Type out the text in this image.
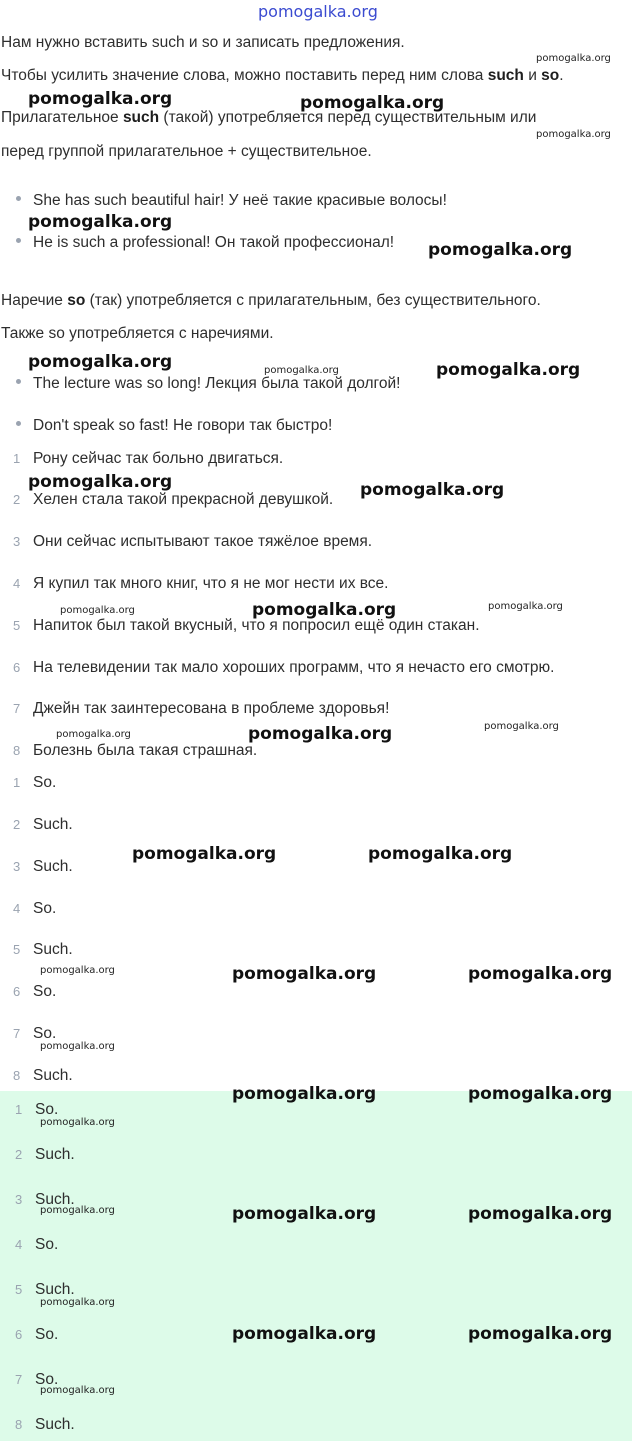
pomogalka.org
Нам нужно вставить such и so и записать предложения.
Чтобы усилить значение слова, можно поставить перед ним слова such и so.
Прилагательное such (такой) употребляется перед существительным или
перед группой прилагательное + существительное.
She has such beautiful hair! У неё такие красивые волосы!
He is such a professional! Он такой профессионал!
Наречие so (так) употребляется с прилагательным, без существительного.
Также so употребляется с наречиями.
The lecture was so long! Лекция была такой долгой!
Don't speak so fast! Не говори так быстро!
1 Рону сейчас так больно двигаться.
2 Хелен стала такой прекрасной девушкой.
3 Они сейчас испытывают такое тяжёлое время.
4 Я купил так много книг, что я не мог нести их все.
5 Напиток был такой вкусный, что я попросил ещё один стакан.
6 На телевидении так мало хороших программ, что я нечасто его смотрю.
7 Джейн так заинтересована в проблеме здоровья!
8 Болезнь была такая страшная.
1 So.
2 Such.
3 Such.
4 So.
5 Such.
6 So.
7 So.
8 Such.
1 So.
2 Such.
3 Such.
4 So.
5 Such.
6 So.
7 So.
8 Such.
pomogalka.org
pomogalka.org	pomogalka.org
pomogalka.org
pomogalka.org
pomogalka.org
pomogalka.org	pomogalka.org	pomogalka.org
pomogalka.org	pomogalka.org
pomogalka.org	pomogalka.org	pomogalka.org
pomogalka.org	pomogalka.org	pomogalka.org
pomogalka.org	pomogalka.org
pomogalka.org	pomogalka.org	pomogalka.org
pomogalka.org
pomogalka.org	pomogalka.org
pomogalka.org
pomogalka.org	pomogalka.org	pomogalka.org
pomogalka.org
pomogalka.org	pomogalka.org
pomogalka.org
